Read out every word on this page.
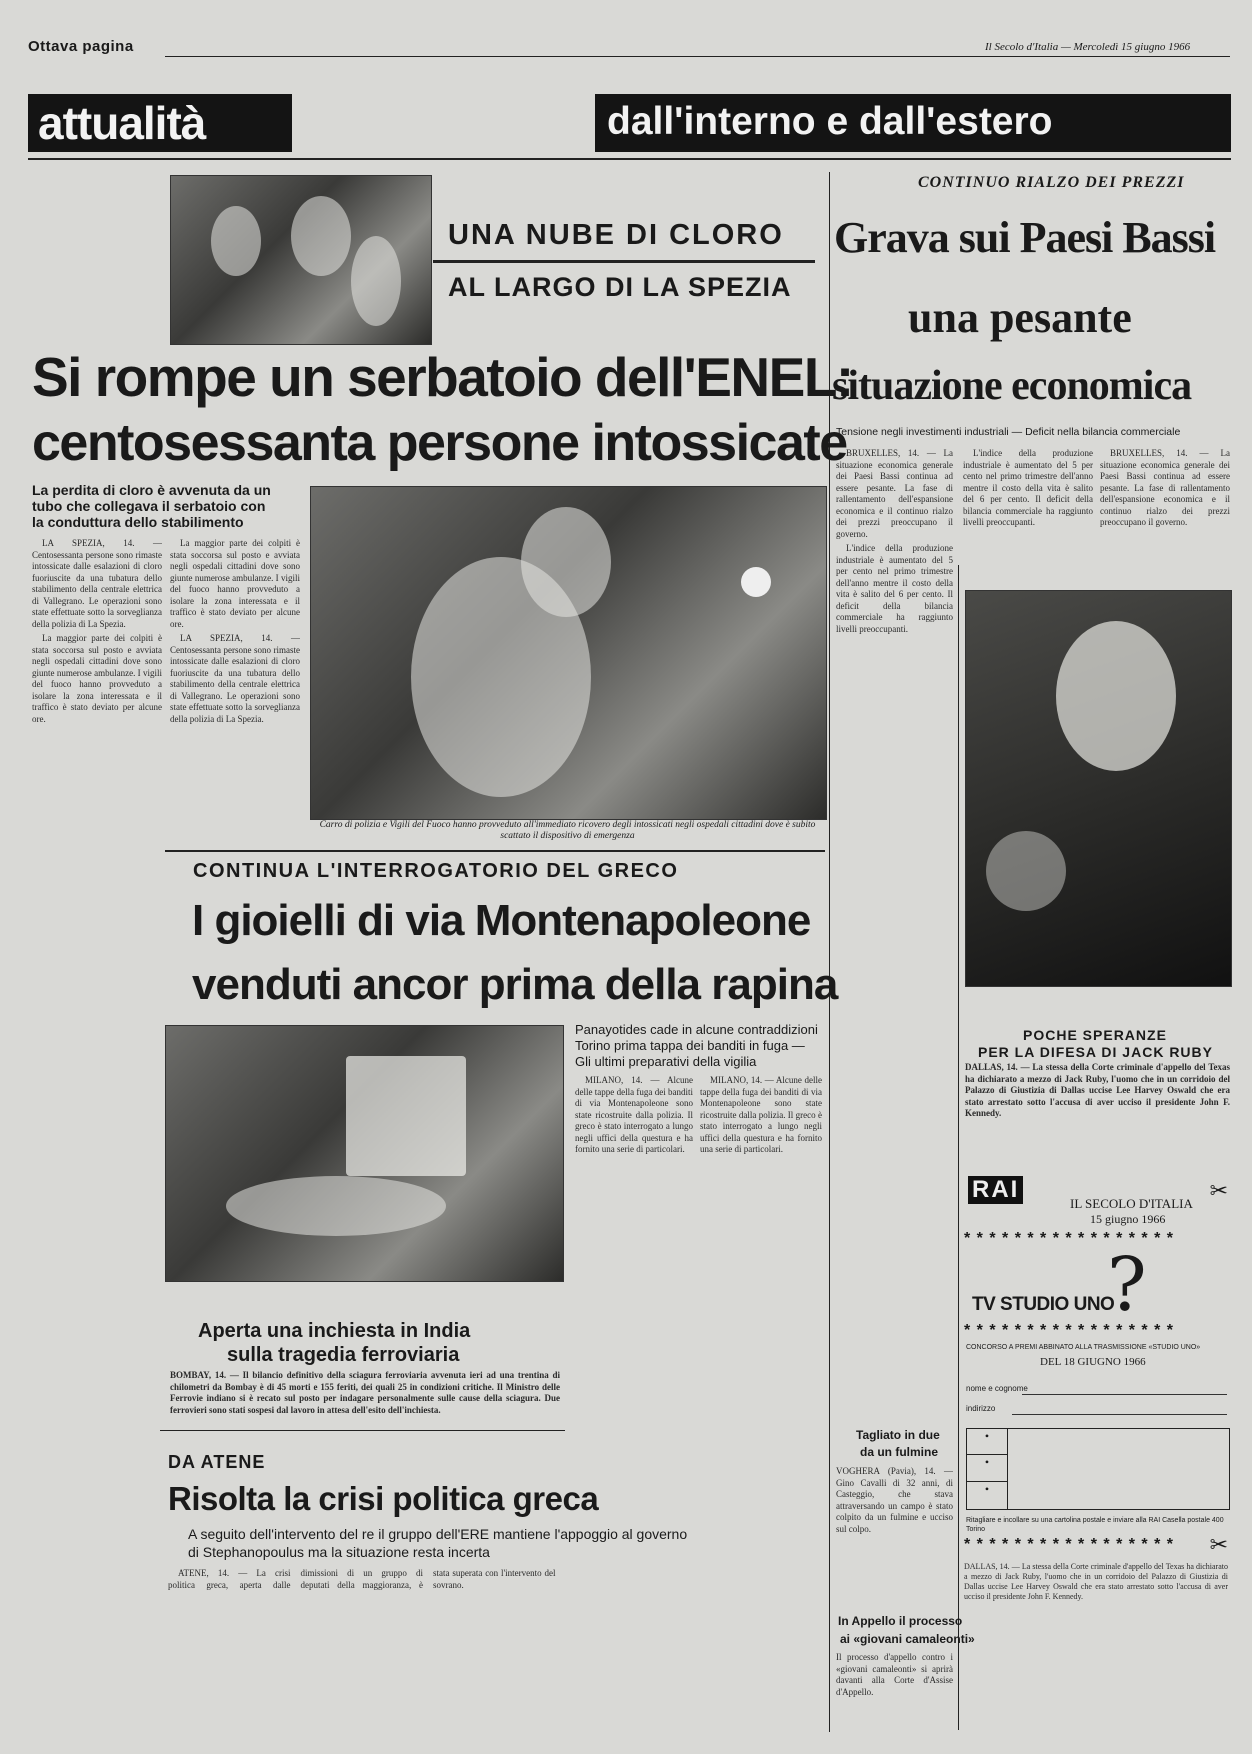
Ottava pagina	Il Secolo d'Italia — Mercoledì 15 giugno 1966
attualità	dall'interno e dall'estero
UNA NUBE DI CLORO
AL LARGO DI LA SPEZIA
Si rompe un serbatoio dell'ENEL:
centosessanta persone intossicate
La perdita di cloro è avvenuta da un tubo che collegava il serbatoio con la conduttura dello stabilimento
Carro di polizia e Vigili del Fuoco hanno provveduto all'immediato ricovero degli intossicati negli ospedali cittadini dove è subito scattato il dispositivo di emergenza

LA SPEZIA, 14. — Centosessanta persone sono rimaste intossicate dalle esalazioni di cloro fuoriuscite da una tubatura dello stabilimento della centrale elettrica di Vallegrano. Le operazioni sono state effettuate sotto la sorveglianza della polizia di La Spezia.

La maggior parte dei colpiti è stata soccorsa sul posto e avviata negli ospedali cittadini dove sono giunte numerose ambulanze. I vigili del fuoco hanno provveduto a isolare la zona interessata e il traffico è stato deviato per alcune ore.

La maggior parte dei colpiti è stata soccorsa sul posto e avviata negli ospedali cittadini dove sono giunte numerose ambulanze. I vigili del fuoco hanno provveduto a isolare la zona interessata e il traffico è stato deviato per alcune ore.

LA SPEZIA, 14. — Centosessanta persone sono rimaste intossicate dalle esalazioni di cloro fuoriuscite da una tubatura dello stabilimento della centrale elettrica di Vallegrano. Le operazioni sono state effettuate sotto la sorveglianza della polizia di La Spezia.

CONTINUA L'INTERROGATORIO DEL GRECO
I gioielli di via Montenapoleone
venduti ancor prima della rapina
Panayotides cade in alcune contraddizioni Torino prima tappa dei banditi in fuga — Gli ultimi preparativi della vigilia

MILANO, 14. — Alcune delle tappe della fuga dei banditi di via Montenapoleone sono state ricostruite dalla polizia. Il greco è stato interrogato a lungo negli uffici della questura e ha fornito una serie di particolari.

MILANO, 14. — Alcune delle tappe della fuga dei banditi di via Montenapoleone sono state ricostruite dalla polizia. Il greco è stato interrogato a lungo negli uffici della questura e ha fornito una serie di particolari.

Aperta una inchiesta in India
sulla tragedia ferroviaria
BOMBAY, 14. — Il bilancio definitivo della sciagura ferroviaria avvenuta ieri ad una trentina di chilometri da Bombay è di 45 morti e 155 feriti, dei quali 25 in condizioni critiche. Il Ministro delle Ferrovie indiano si è recato sul posto per indagare personalmente sulle cause della sciagura. Due ferrovieri sono stati sospesi dal lavoro in attesa dell'esito dell'inchiesta.
DA ATENE
Risolta la crisi politica greca
A seguito dell'intervento del re il gruppo dell'ERE mantiene l'appoggio al governo di Stephanopoulus ma la situazione resta incerta

ATENE, 14. — La crisi politica greca, aperta dalle dimissioni di un gruppo di deputati della maggioranza, è stata superata con l'intervento del sovrano.

CONTINUO RIALZO DEI PREZZI
Grava sui Paesi Bassi
una pesante
situazione economica
Tensione negli investimenti industriali — Deficit nella bilancia commerciale

BRUXELLES, 14. — La situazione economica generale dei Paesi Bassi continua ad essere pesante. La fase di rallentamento dell'espansione economica e il continuo rialzo dei prezzi preoccupano il governo.

L'indice della produzione industriale è aumentato del 5 per cento nel primo trimestre dell'anno mentre il costo della vita è salito del 6 per cento. Il deficit della bilancia commerciale ha raggiunto livelli preoccupanti.

L'indice della produzione industriale è aumentato del 5 per cento nel primo trimestre dell'anno mentre il costo della vita è salito del 6 per cento. Il deficit della bilancia commerciale ha raggiunto livelli preoccupanti.

BRUXELLES, 14. — La situazione economica generale dei Paesi Bassi continua ad essere pesante. La fase di rallentamento dell'espansione economica e il continuo rialzo dei prezzi preoccupano il governo.

POCHE SPERANZE
PER LA DIFESA DI JACK RUBY
DALLAS, 14. — La stessa della Corte criminale d'appello del Texas ha dichiarato a mezzo di Jack Ruby, l'uomo che in un corridoio del Palazzo di Giustizia di Dallas uccise Lee Harvey Oswald che era stato arrestato sotto l'accusa di aver ucciso il presidente John F. Kennedy.
✂
RAI
IL SECOLO D'ITALIA
15 giugno 1966
* * * * * * * * * * * * * * * * *
TV STUDIO UNO
?
* * * * * * * * * * * * * * * * *
CONCORSO A PREMI ABBINATO ALLA TRASMISSIONE «STUDIO UNO»
DEL 18 GIUGNO 1966
nome e cognome
indirizzo
•
•
•
Ritagliare e incollare su una cartolina postale e inviare alla RAI Casella postale 400 Torino
* * * * * * * * * * * * * * * * * ✂
DALLAS, 14. — La stessa della Corte criminale d'appello del Texas ha dichiarato a mezzo di Jack Ruby, l'uomo che in un corridoio del Palazzo di Giustizia di Dallas uccise Lee Harvey Oswald che era stato arrestato sotto l'accusa di aver ucciso il presidente John F. Kennedy.
Tagliato in due
da un fulmine
VOGHERA (Pavia), 14. — Gino Cavalli di 32 anni, di Casteggio, che stava attraversando un campo è stato colpito da un fulmine e ucciso sul colpo.
In Appello il processo
ai «giovani camaleonti»
Il processo d'appello contro i «giovani camaleonti» si aprirà davanti alla Corte d'Assise d'Appello.
